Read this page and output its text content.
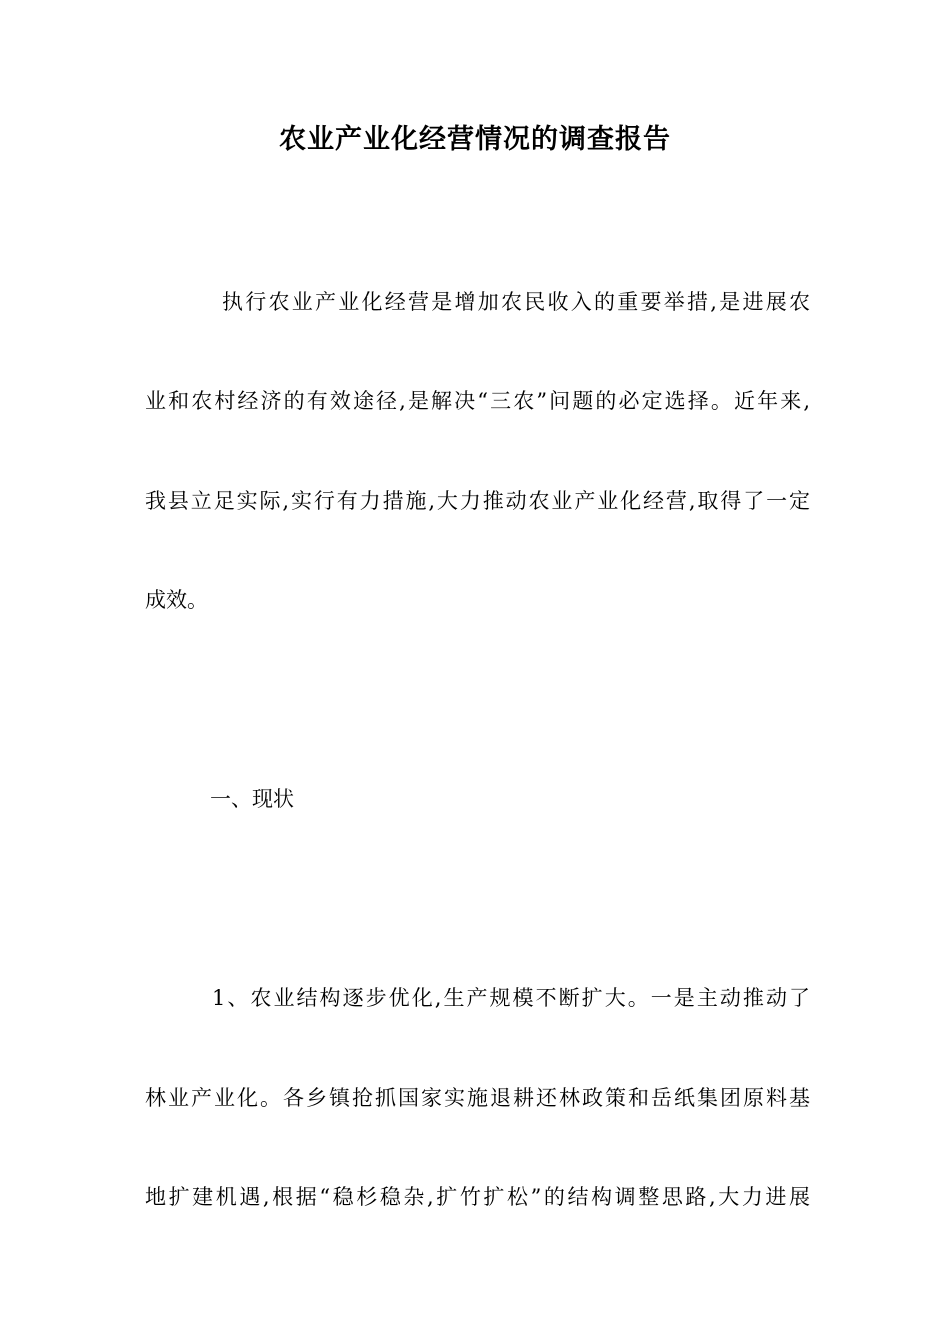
农业产业化经营情况的调查报告

执行农业产业化经营是增加农民收入的重要举措,是进展农

业和农村经济的有效途径,是解决“三农”问题的必定选择。近年来,

我县立足实际,实行有力措施,大力推动农业产业化经营,取得了一定

成效。

一、现状

1、农业结构逐步优化,生产规模不断扩大。一是主动推动了

林业产业化。各乡镇抢抓国家实施退耕还林政策和岳纸集团原料基

地扩建机遇,根据“稳杉稳杂,扩竹扩松”的结构调整思路,大力进展
